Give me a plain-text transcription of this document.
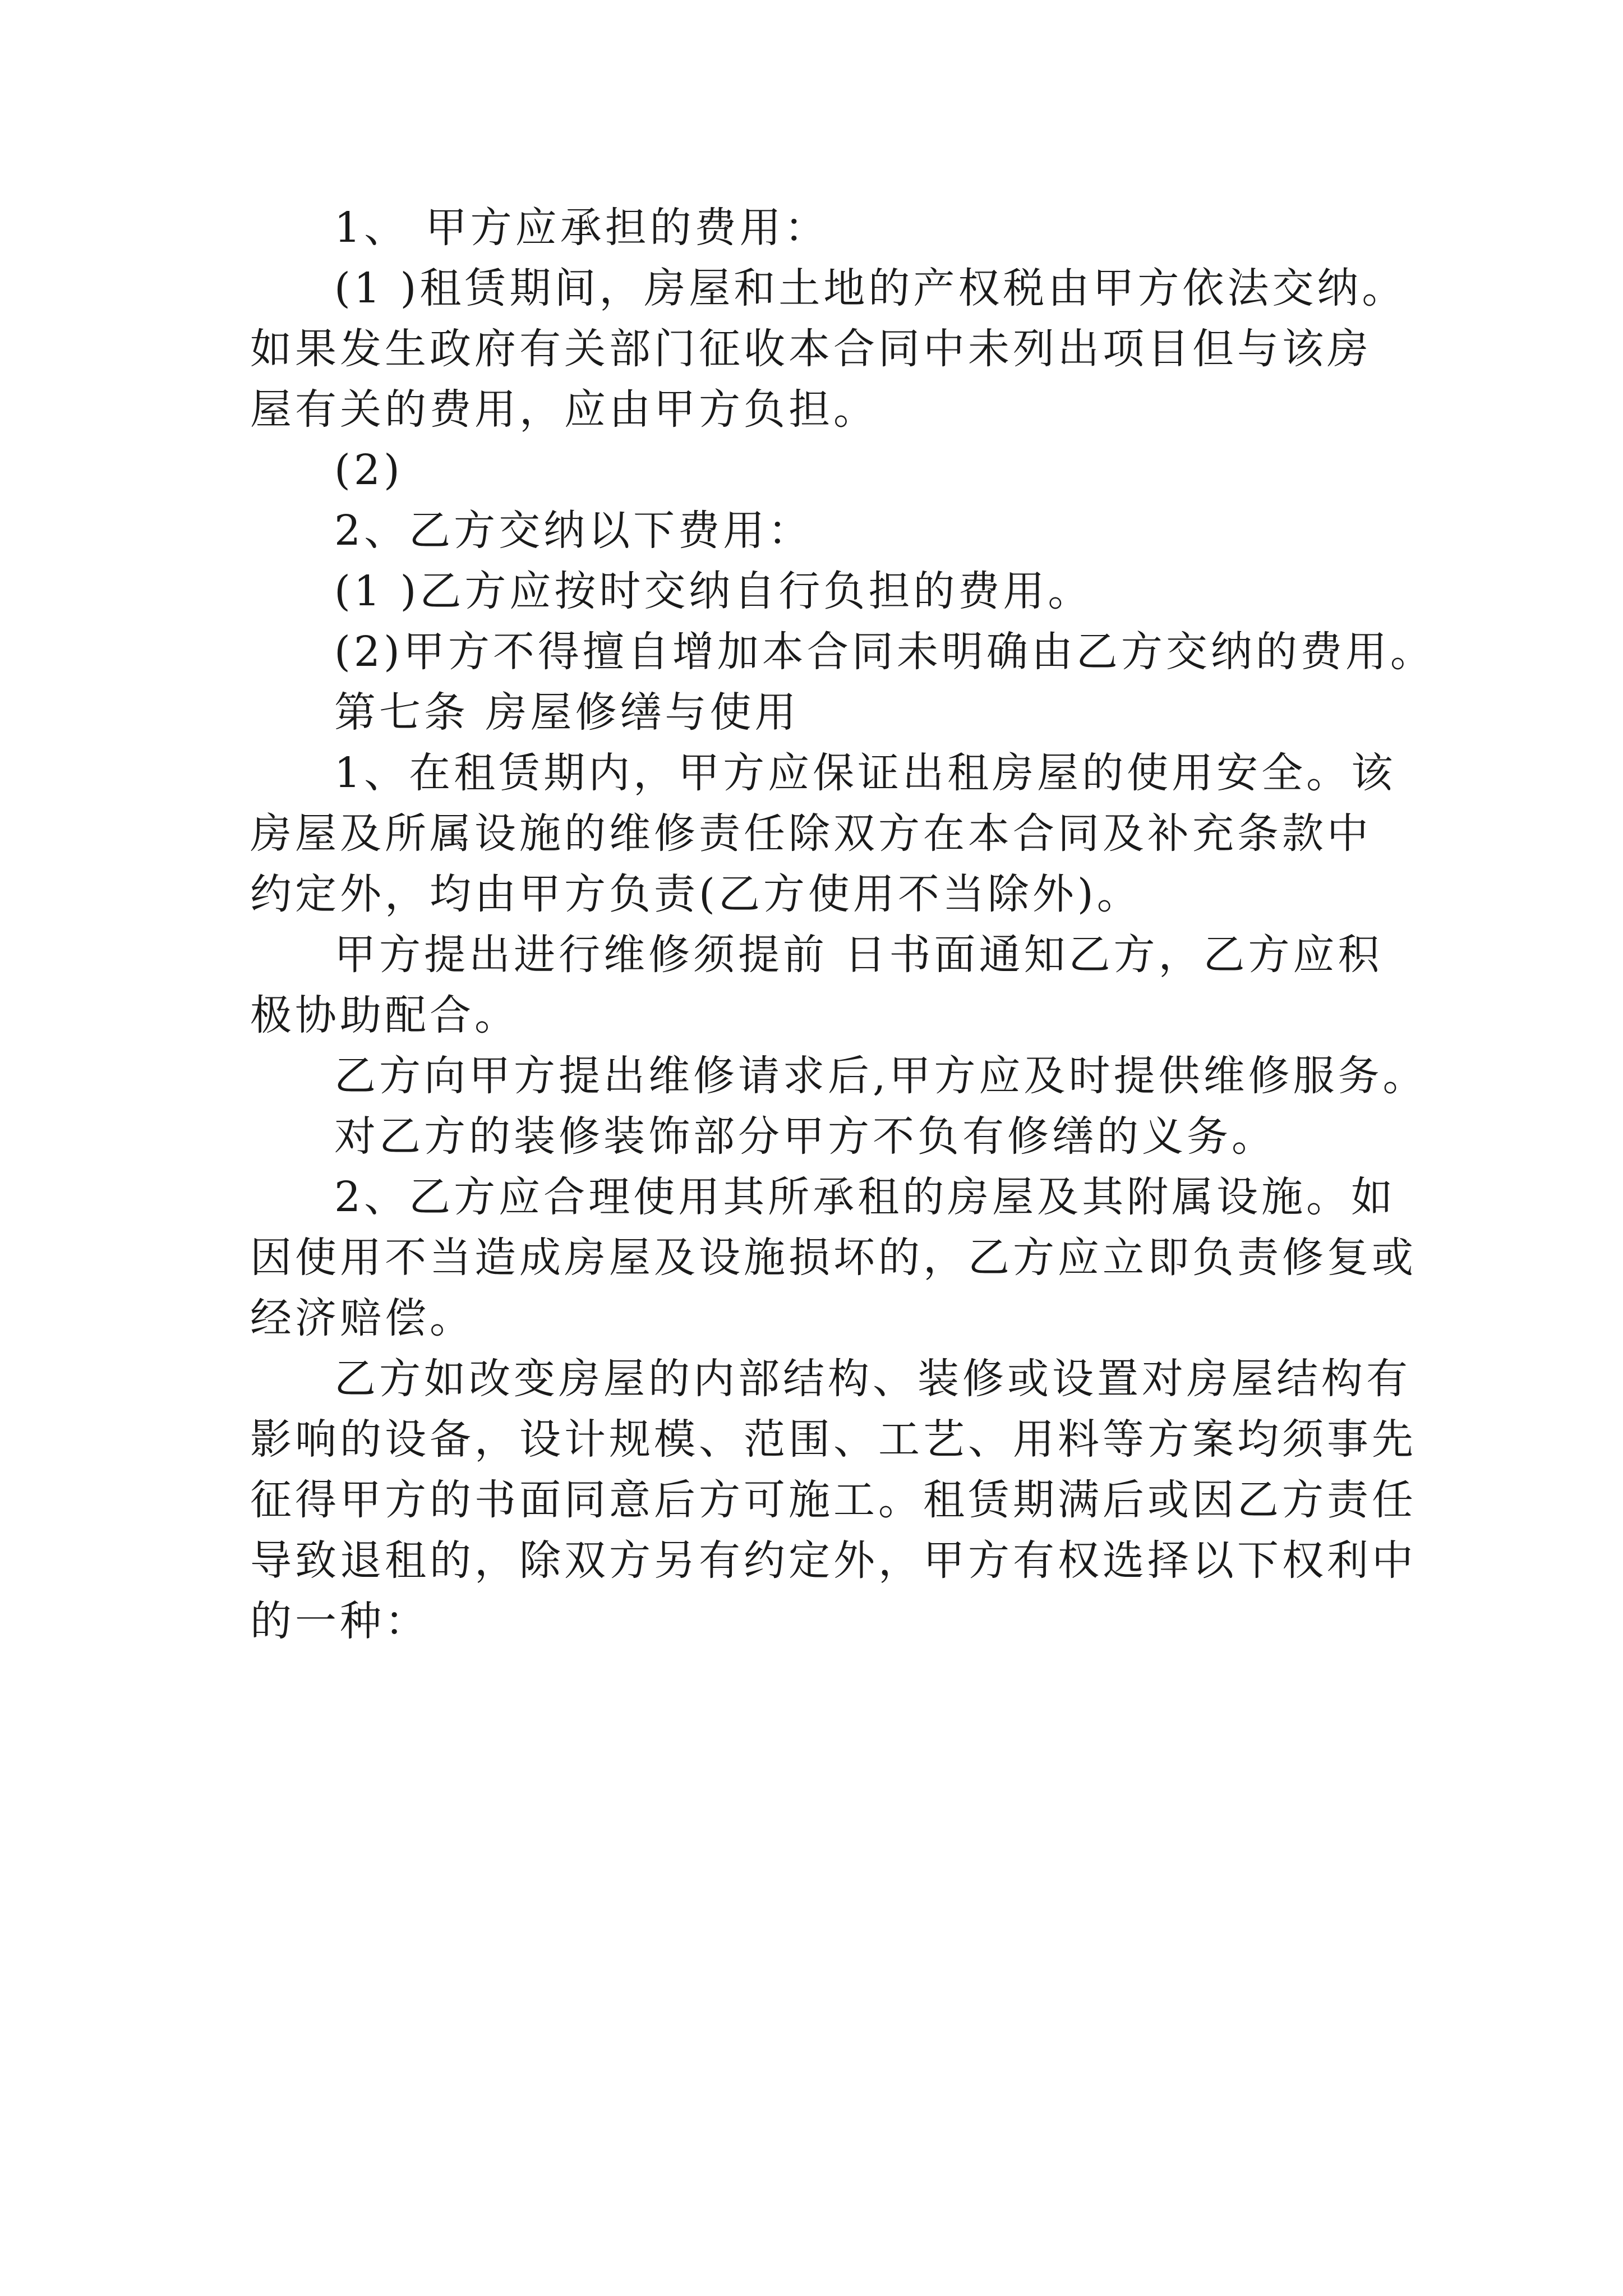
1、 甲方应承担的费用：
(1 )租赁期间，房屋和土地的产权税由甲方依法交纳。
如果发生政府有关部门征收本合同中未列出项目但与该房
屋有关的费用，应由甲方负担。
(2)
2、乙方交纳以下费用：
(1 )乙方应按时交纳自行负担的费用。
(2)甲方不得擅自增加本合同未明确由乙方交纳的费用。
第七条 房屋修缮与使用
1、在租赁期内，甲方应保证出租房屋的使用安全。该
房屋及所属设施的维修责任除双方在本合同及补充条款中
约定外，均由甲方负责(乙方使用不当除外)。
甲方提出进行维修须提前 日书面通知乙方，乙方应积
极协助配合。
乙方向甲方提出维修请求后,甲方应及时提供维修服务。
对乙方的装修装饰部分甲方不负有修缮的义务。
2、乙方应合理使用其所承租的房屋及其附属设施。如
因使用不当造成房屋及设施损坏的，乙方应立即负责修复或
经济赔偿。
乙方如改变房屋的内部结构、装修或设置对房屋结构有
影响的设备，设计规模、范围、工艺、用料等方案均须事先
征得甲方的书面同意后方可施工。租赁期满后或因乙方责任
导致退租的，除双方另有约定外，甲方有权选择以下权利中
的一种：
